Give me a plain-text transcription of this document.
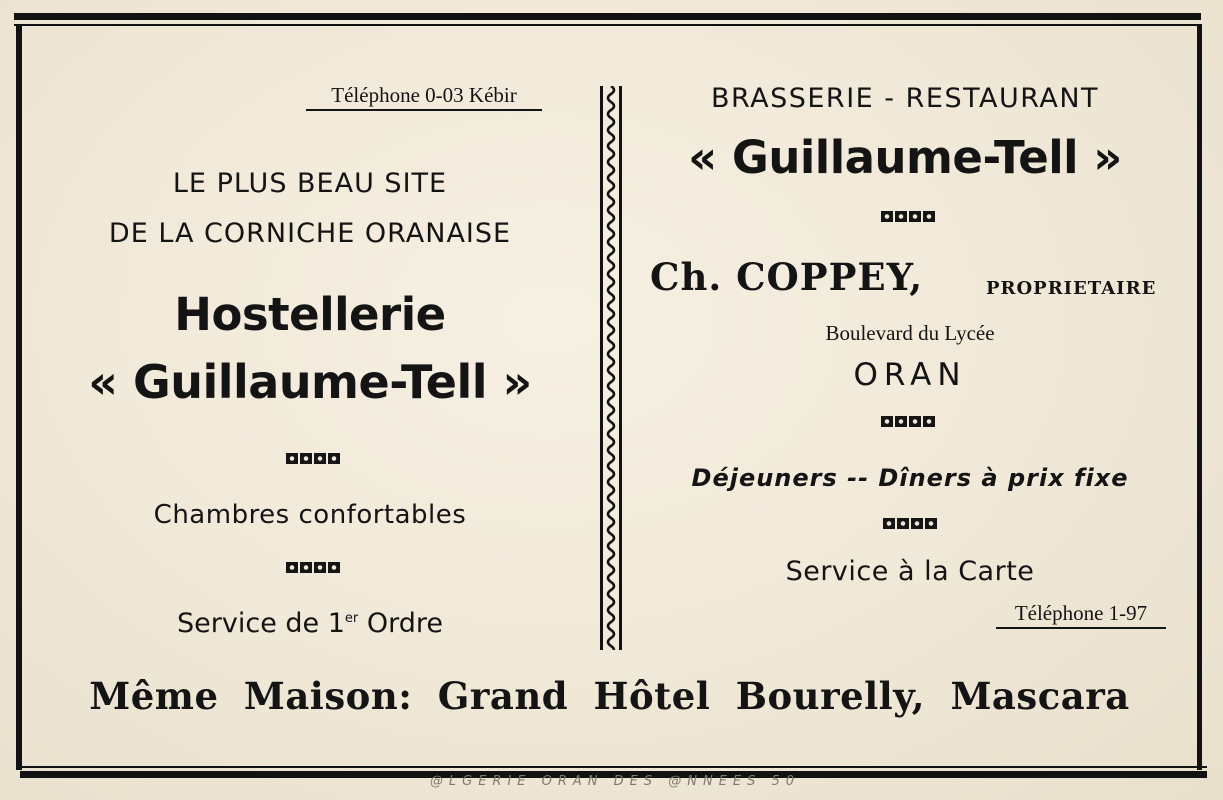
Téléphone 0-03 Kébir
LE PLUS BEAU SITE
DE LA CORNICHE ORANAISE
Hostellerie
« Guillaume-Tell »
Chambres confortables
Service de 1er Ordre
BRASSERIE - RESTAURANT
« Guillaume-Tell »
Ch. COPPEY,	PROPRIETAIRE
Boulevard du Lycée
ORAN
Déjeuners -- Dîners à prix fixe
Service à la Carte
Téléphone 1-97
Même Maison: Grand Hôtel Bourelly, Mascara
@LGERIE ORAN DES @NNEES 50
